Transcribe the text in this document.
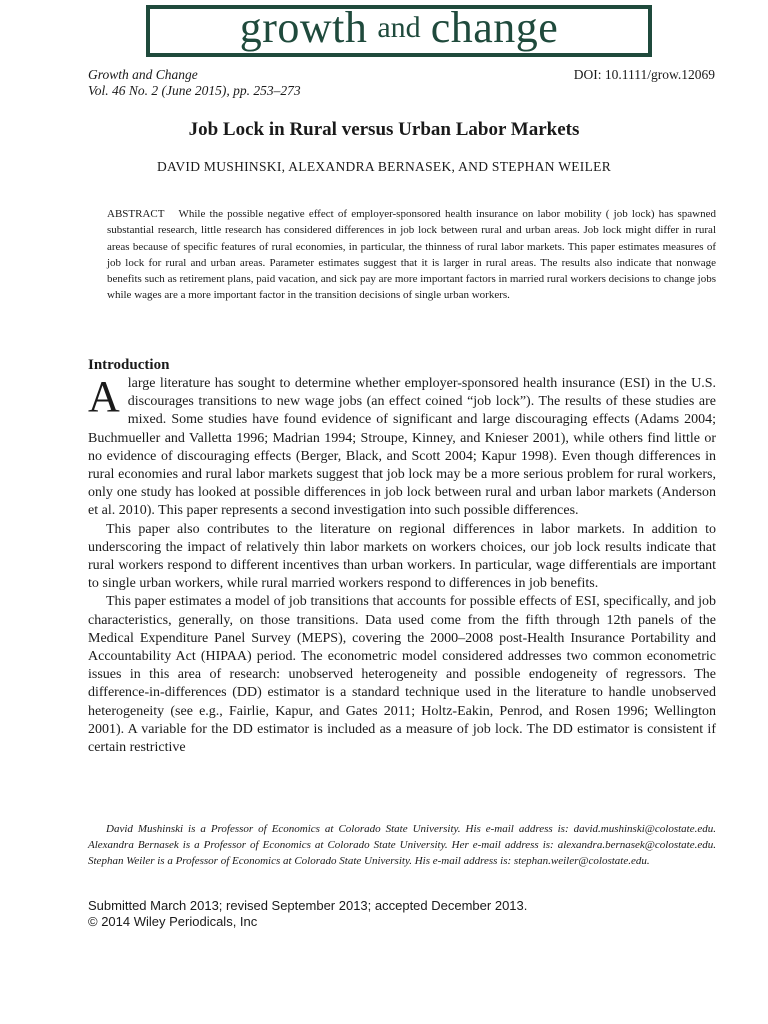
growth and change
Growth and Change
Vol. 46 No. 2 (June 2015), pp. 253–273
DOI: 10.1111/grow.12069
Job Lock in Rural versus Urban Labor Markets
DAVID MUSHINSKI, ALEXANDRA BERNASEK, AND STEPHAN WEILER
ABSTRACT While the possible negative effect of employer-sponsored health insurance on labor mobility ( job lock) has spawned substantial research, little research has considered differences in job lock between rural and urban areas. Job lock might differ in rural areas because of specific features of rural economies, in particular, the thinness of rural labor markets. This paper estimates measures of job lock for rural and urban areas. Parameter estimates suggest that it is larger in rural areas. The results also indicate that nonwage benefits such as retirement plans, paid vacation, and sick pay are more important factors in married rural workers decisions to change jobs while wages are a more important factor in the transition decisions of single urban workers.
Introduction

A large literature has sought to determine whether employer-sponsored health insurance (ESI) in the U.S. discourages transitions to new wage jobs (an effect coined “job lock”). The results of these studies are mixed. Some studies have found evidence of significant and large discouraging effects (Adams 2004; Buchmueller and Valletta 1996; Madrian 1994; Stroupe, Kinney, and Knieser 2001), while others find little or no evidence of discouraging effects (Berger, Black, and Scott 2004; Kapur 1998). Even though differences in rural economies and rural labor markets suggest that job lock may be a more serious problem for rural workers, only one study has looked at possible differences in job lock between rural and urban labor markets (Anderson et al. 2010). This paper represents a second investigation into such possible differences.

This paper also contributes to the literature on regional differences in labor markets. In addition to underscoring the impact of relatively thin labor markets on workers choices, our job lock results indicate that rural workers respond to different incentives than urban workers. In particular, wage differentials are important to single urban workers, while rural married workers respond to differences in job benefits.

This paper estimates a model of job transitions that accounts for possible effects of ESI, specifically, and job characteristics, generally, on those transitions. Data used come from the fifth through 12th panels of the Medical Expenditure Panel Survey (MEPS), covering the 2000–2008 post-Health Insurance Portability and Accountability Act (HIPAA) period. The econometric model considered addresses two common econometric issues in this area of research: unobserved heterogeneity and possible endogeneity of regressors. The difference-in-differences (DD) estimator is a standard technique used in the literature to handle unobserved heterogeneity (see e.g., Fairlie, Kapur, and Gates 2011; Holtz-Eakin, Penrod, and Rosen 1996; Wellington 2001). A variable for the DD estimator is included as a measure of job lock. The DD estimator is consistent if certain restrictive

David Mushinski is a Professor of Economics at Colorado State University. His e-mail address is: david.mushinski@colostate.edu. Alexandra Bernasek is a Professor of Economics at Colorado State University. Her e-mail address is: alexandra.bernasek@colostate.edu. Stephan Weiler is a Professor of Economics at Colorado State University. His e-mail address is: stephan.weiler@colostate.edu.

Submitted March 2013; revised September 2013; accepted December 2013.
© 2014 Wiley Periodicals, Inc
